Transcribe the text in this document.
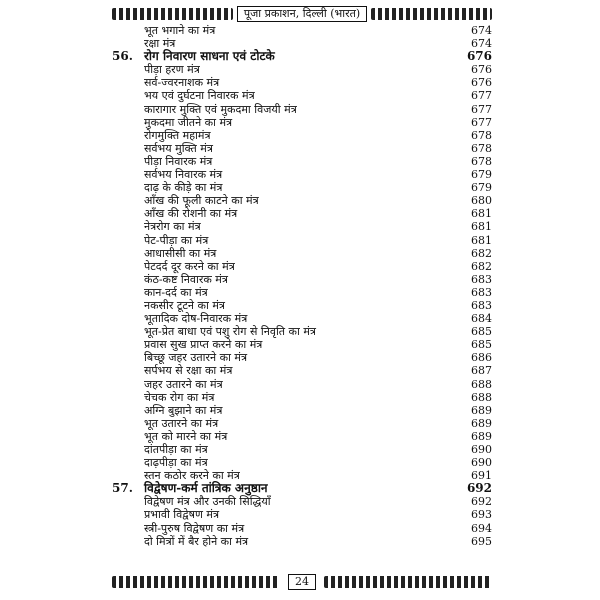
पूजा प्रकाशन, दिल्ली (भारत)
भूत भगाने का मंत्र	674
रक्षा मंत्र	674
56. रोग निवारण साधना एवं टोटके	676
पीड़ा हरण मंत्र	676
सर्व-ज्वरनाशक मंत्र	676
भय एवं दुर्घटना निवारक मंत्र	677
कारागार मुक्ति एवं मुकदमा विजयी मंत्र	677
मुकदमा जीतने का मंत्र	677
रोगमुक्ति महामंत्र	678
सर्वभय मुक्ति मंत्र	678
पीड़ा निवारक मंत्र	678
सर्वभय निवारक मंत्र	679
दाढ़ के कीड़े का मंत्र	679
आँख की फूली काटने का मंत्र	680
आँख की रोशनी का मंत्र	681
नेत्ररोग का मंत्र	681
पेट-पीड़ा का मंत्र	681
आधासीसी का मंत्र	682
पेटदर्द दूर करने का मंत्र	682
कंठ-कष्ट निवारक मंत्र	683
कान-दर्द का मंत्र	683
नकसीर टूटने का मंत्र	683
भूतादिक दोष-निवारक मंत्र	684
भूत-प्रेत बाधा एवं पशु रोग से निवृति का मंत्र	685
प्रवास सुख प्राप्त करने का मंत्र	685
बिच्छू जहर उतारने का मंत्र	686
सर्पभय से रक्षा का मंत्र	687
जहर उतारने का मंत्र	688
चेचक रोग का मंत्र	688
अग्नि बुझाने का मंत्र	689
भूत उतारने का मंत्र	689
भूत को मारने का मंत्र	689
दांतपीड़ा का मंत्र	690
दाढ़पीड़ा का मंत्र	690
स्तन कठोर करने का मंत्र	691
57. विद्वेषण-कर्म तांत्रिक अनुष्ठान	692
विद्वेषण मंत्र और उनकी सिद्धियाँ	692
प्रभावी विद्वेषण मंत्र	693
स्त्री-पुरुष विद्वेषण का मंत्र	694
दो मित्रों में बैर होने का मंत्र	695
24
